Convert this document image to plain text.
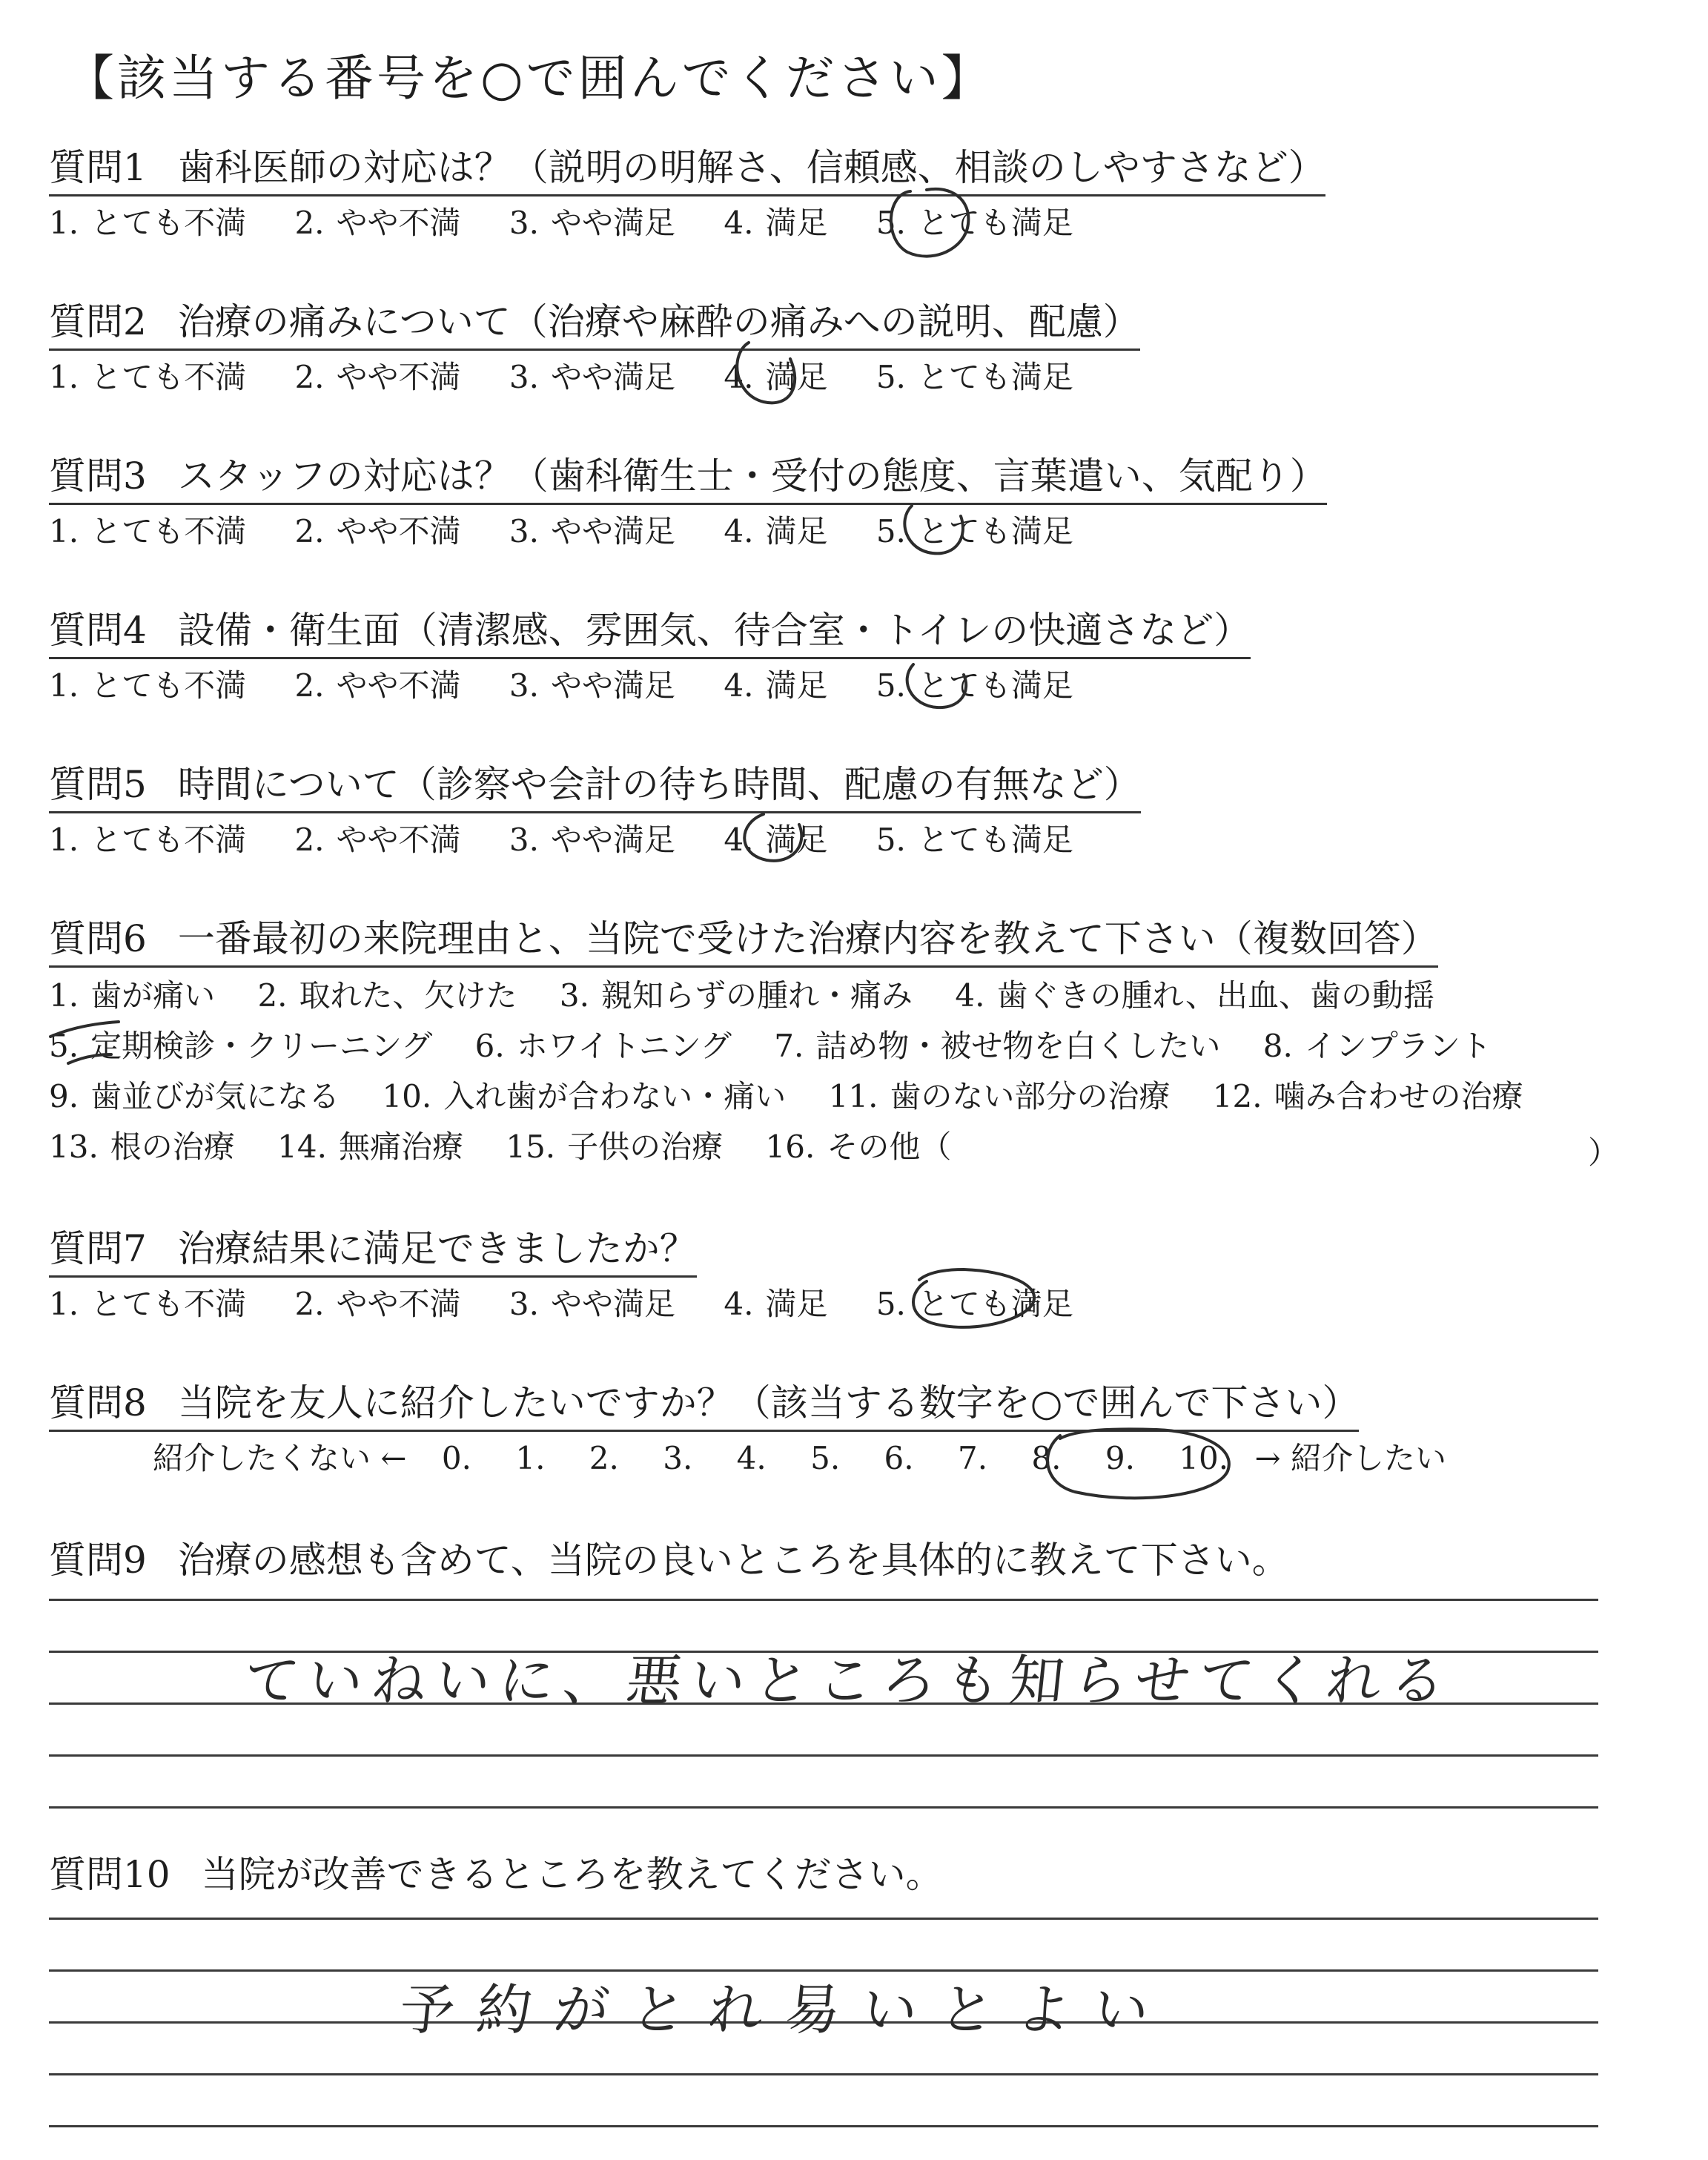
【該当する番号を○で囲んでください】
質問1 歯科医師の対応は？（説明の明解さ、信頼感、相談のしやすさなど）
1. とても不満 2. やや不満 3. やや満足 4. 満足 5. とても満足
質問2 治療の痛みについて（治療や麻酔の痛みへの説明、配慮）
1. とても不満 2. やや不満 3. やや満足 4. 満足 5. とても満足
質問3 スタッフの対応は？（歯科衛生士・受付の態度、言葉遣い、気配り）
1. とても不満 2. やや不満 3. やや満足 4. 満足 5. とても満足
質問4 設備・衛生面（清潔感、雰囲気、待合室・トイレの快適さなど）
1. とても不満 2. やや不満 3. やや満足 4. 満足 5. とても満足
質問5 時間について（診察や会計の待ち時間、配慮の有無など）
1. とても不満 2. やや不満 3. やや満足 4. 満足 5. とても満足
質問6 一番最初の来院理由と、当院で受けた治療内容を教えて下さい（複数回答）
1. 歯が痛い 2. 取れた、欠けた 3. 親知らずの腫れ・痛み 4. 歯ぐきの腫れ、出血、歯の動揺
5. 定期検診・クリーニング 6. ホワイトニング 7. 詰め物・被せ物を白くしたい 8. インプラント
9. 歯並びが気になる 10. 入れ歯が合わない・痛い 11. 歯のない部分の治療 12. 噛み合わせの治療
13. 根の治療 14. 無痛治療 15. 子供の治療 16. その他（	）
質問7 治療結果に満足できましたか？
1. とても不満 2. やや不満 3. やや満足 4. 満足 5. とても満足
質問8 当院を友人に紹介したいですか？（該当する数字を○で囲んで下さい）
紹介したくない ← 0. 1. 2. 3. 4. 5. 6. 7. 8. 9. 10. → 紹介したい
質問9 治療の感想も含めて、当院の良いところを具体的に教えて下さい。
ていねいに、悪いところも知らせてくれる
質問10 当院が改善できるところを教えてください。
予約がとれ易いとよい
